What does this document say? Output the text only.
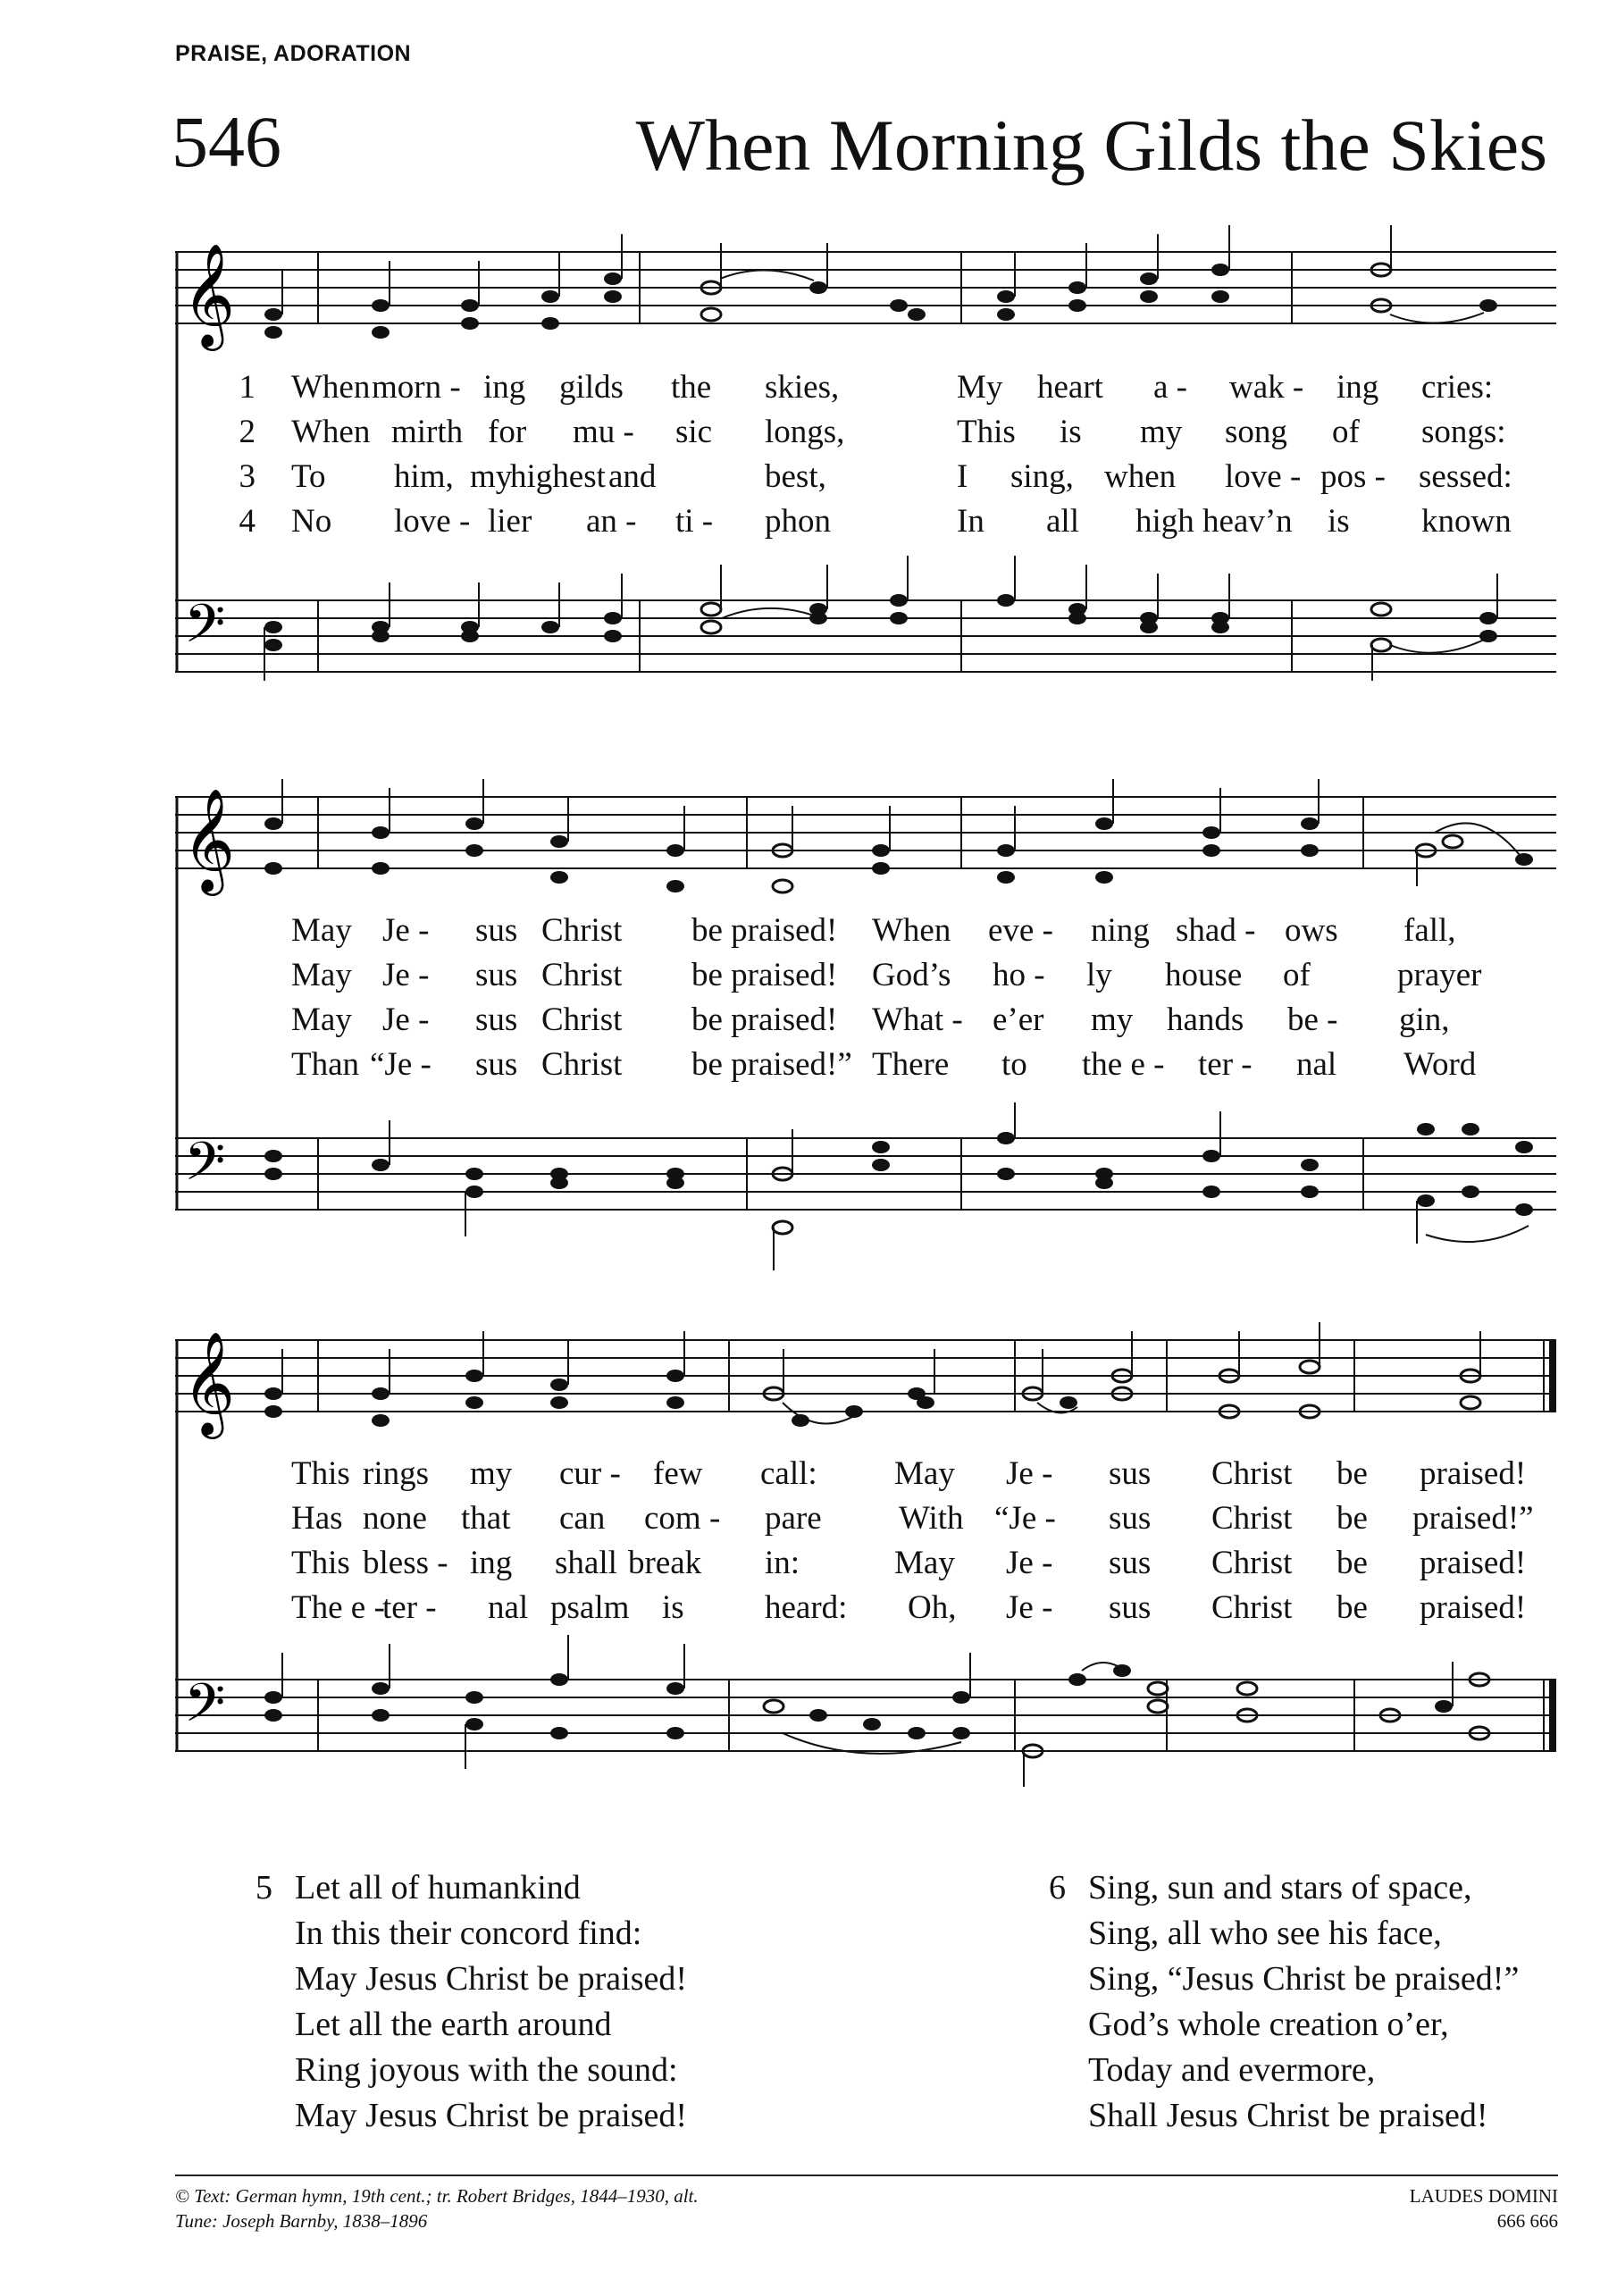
PRAISE, ADORATION
546	When Morning Gilds the Skies
𝄞
𝄢
1 When morn - ing gilds the skies,	My heart a - wak - ing cries:
2 When mirth for mu - sic longs,	This is my song of songs:
3 To him, my
highest and	best,	I sing, when love - pos - sessed:
4 No love - lier an - ti - phon	In all high heav’n is known
𝄞
𝄢
May Je - sus Christ be praised! When eve - ning shad - ows fall,
May Je - sus Christ be praised! God’s ho - ly house of	prayer
May Je - sus Christ be praised! What - e’er my hands be - gin,
Than “Je - sus Christ be praised!” There to the e - ter - nal Word
𝄞
𝄢
This rings my cur - few call: May Je - sus Christ be praised!
Has none that can com - pare With “Je - sus Christ be praised!”
This bless - ing shall break in:	May Je - sus Christ be praised!
The e -
ter - nal psalm is heard: Oh, Je - sus Christ be praised!
5 Let all of humankind
In this their concord find:
May Jesus Christ be praised!
Let all the earth around
Ring joyous with the sound:
May Jesus Christ be praised!
6 Sing, sun and stars of space,
Sing, all who see his face,
Sing, “Jesus Christ be praised!”
God’s whole creation o’er,
Today and evermore,
Shall Jesus Christ be praised!
© Text: German hymn, 19th cent.; tr. Robert Bridges, 1844–1930, alt.
Tune: Joseph Barnby, 1838–1896
LAUDES DOMINI
666 666
